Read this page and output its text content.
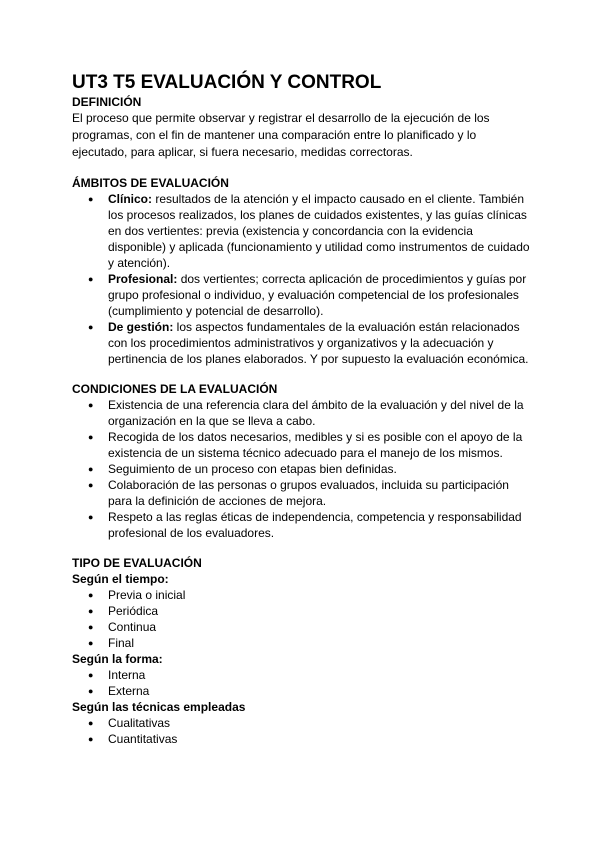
UT3 T5 EVALUACIÓN Y CONTROL
DEFINICIÓN

El proceso que permite observar y registrar el desarrollo de la ejecución de los programas, con el fin de mantener una comparación entre lo planificado y lo ejecutado, para aplicar, si fuera necesario, medidas correctoras.

ÁMBITOS DE EVALUACIÓN
● Clínico: resultados de la atención y el impacto causado en el cliente. También los procesos realizados, los planes de cuidados existentes, y las guías clínicas en dos vertientes: previa (existencia y concordancia con la evidencia disponible) y aplicada (funcionamiento y utilidad como instrumentos de cuidado y atención).
● Profesional: dos vertientes; correcta aplicación de procedimientos y guías por grupo profesional o individuo, y evaluación competencial de los profesionales (cumplimiento y potencial de desarrollo).
● De gestión: los aspectos fundamentales de la evaluación están relacionados con los procedimientos administrativos y organizativos y la adecuación y pertinencia de los planes elaborados. Y por supuesto la evaluación económica.
CONDICIONES DE LA EVALUACIÓN
● Existencia de una referencia clara del ámbito de la evaluación y del nivel de la organización en la que se lleva a cabo.
● Recogida de los datos necesarios, medibles y si es posible con el apoyo de la existencia de un sistema técnico adecuado para el manejo de los mismos.
● Seguimiento de un proceso con etapas bien definidas.
● Colaboración de las personas o grupos evaluados, incluida su participación para la definición de acciones de mejora.
● Respeto a las reglas éticas de independencia, competencia y responsabilidad profesional de los evaluadores.
TIPO DE EVALUACIÓN
Según el tiempo:
● Previa o inicial
● Periódica
● Continua
● Final
Según la forma:
● Interna
● Externa
Según las técnicas empleadas
● Cualitativas
● Cuantitativas
